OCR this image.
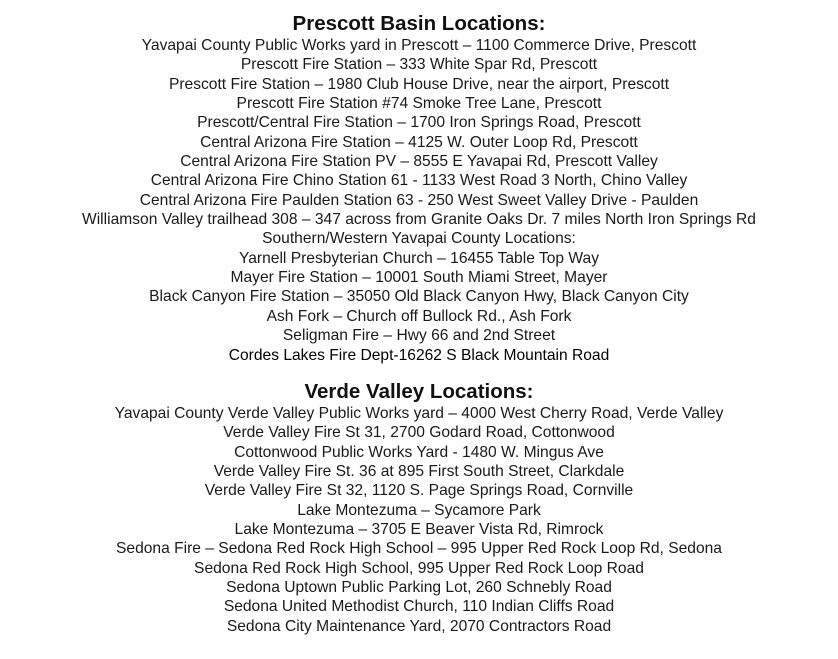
Prescott Basin Locations:

Yavapai County Public Works yard in Prescott – 1100 Commerce Drive, Prescott

Prescott Fire Station – 333 White Spar Rd, Prescott

Prescott Fire Station – 1980 Club House Drive, near the airport, Prescott

Prescott Fire Station #74 Smoke Tree Lane, Prescott

Prescott/Central Fire Station – 1700 Iron Springs Road, Prescott

Central Arizona Fire Station – 4125 W. Outer Loop Rd, Prescott

Central Arizona Fire Station PV – 8555 E Yavapai Rd, Prescott Valley

Central Arizona Fire Chino Station 61 - 1133 West Road 3 North, Chino Valley

Central Arizona Fire Paulden Station 63 - 250 West Sweet Valley Drive - Paulden

Williamson Valley trailhead 308 – 347 across from Granite Oaks Dr. 7 miles North Iron Springs Rd

Southern/Western Yavapai County Locations:

Yarnell Presbyterian Church – 16455 Table Top Way

Mayer Fire Station – 10001 South Miami Street, Mayer

Black Canyon Fire Station – 35050 Old Black Canyon Hwy, Black Canyon City

Ash Fork – Church off Bullock Rd., Ash Fork

Seligman Fire – Hwy 66 and 2nd Street

Cordes Lakes Fire Dept-16262 S Black Mountain Road

Verde Valley Locations:

Yavapai County Verde Valley Public Works yard – 4000 West Cherry Road, Verde Valley

Verde Valley Fire St 31, 2700 Godard Road, Cottonwood

Cottonwood Public Works Yard - 1480 W. Mingus Ave

Verde Valley Fire St. 36 at 895 First South Street, Clarkdale

Verde Valley Fire St 32, 1120 S. Page Springs Road, Cornville

Lake Montezuma – Sycamore Park

Lake Montezuma – 3705 E Beaver Vista Rd, Rimrock

Sedona Fire – Sedona Red Rock High School – 995 Upper Red Rock Loop Rd, Sedona

Sedona Red Rock High School, 995 Upper Red Rock Loop Road

Sedona Uptown Public Parking Lot, 260 Schnebly Road

Sedona United Methodist Church, 110 Indian Cliffs Road

Sedona City Maintenance Yard, 2070 Contractors Road
